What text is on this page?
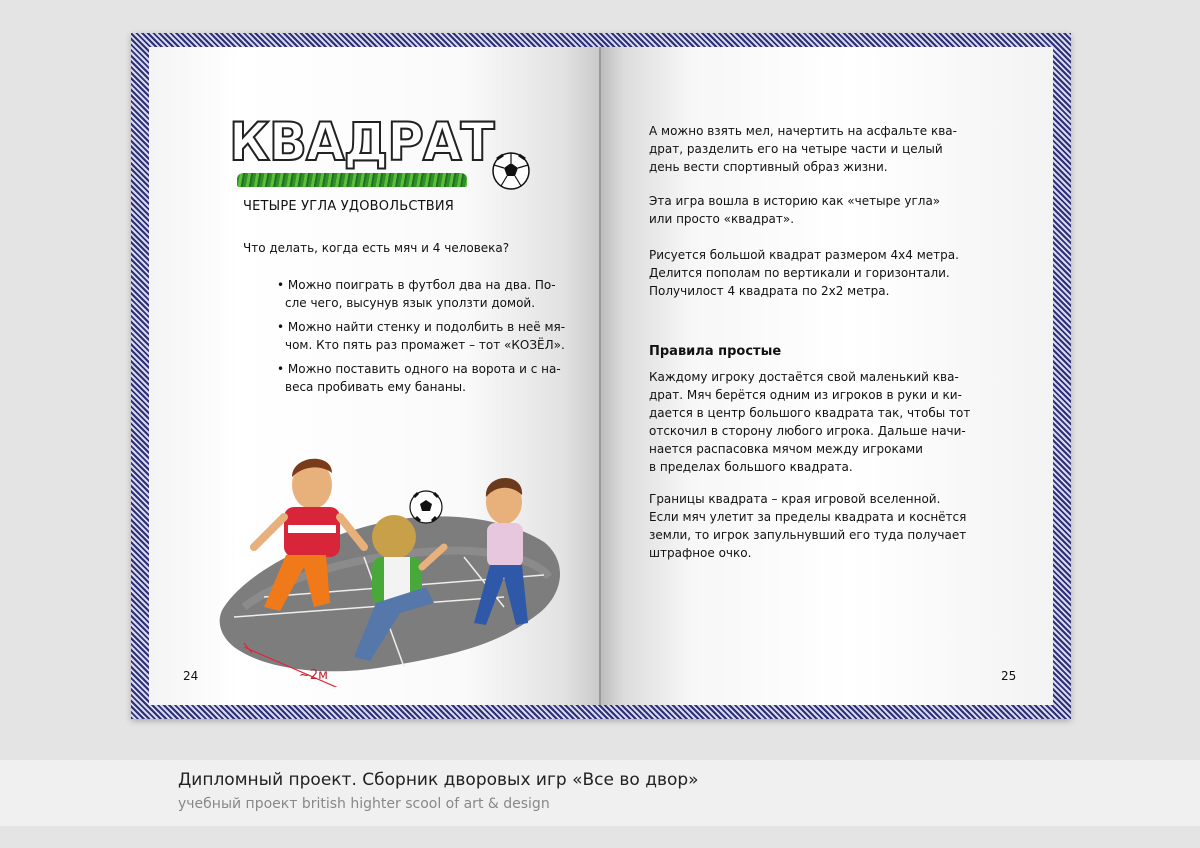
КВАДРАТ
ЧЕТЫРЕ УГЛА УДОВОЛЬСТВИЯ
Что делать, когда есть мяч и 4 человека?
• Можно поиграть в футбол два на два. По-
сле чего, высунув язык уползти домой.
• Можно найти стенку и подолбить в неё мя-
чом. Кто пять раз промажет – тот «КОЗЁЛ».
• Можно поставить одного на ворота и с на-
веса пробивать ему бананы.
~2м
24
А можно взять мел, начертить на асфальте ква-
драт, разделить его на четыре части и целый
день вести спортивный образ жизни.
Эта игра вошла в историю как «четыре угла»
или просто «квадрат».
Рисуется большой квадрат размером 4х4 метра.
Делится пополам по вертикали и горизонтали.
Получилост 4 квадрата по 2х2 метра.
Правила простые
Каждому игроку достаётся свой маленький ква-
драт. Мяч берётся одним из игроков в руки и ки-
дается в центр большого квадрата так, чтобы тот
отскочил в сторону любого игрока. Дальше начи-
нается распасовка мячом между игроками
в пределах большого квадрата.
Границы квадрата – края игровой вселенной.
Если мяч улетит за пределы квадрата и коснётся
земли, то игрок запульнувший его туда получает
штрафное очко.
25
Дипломный проект. Сборник дворовых игр «Все во двор»
учебный проект british highter scool of art & design
